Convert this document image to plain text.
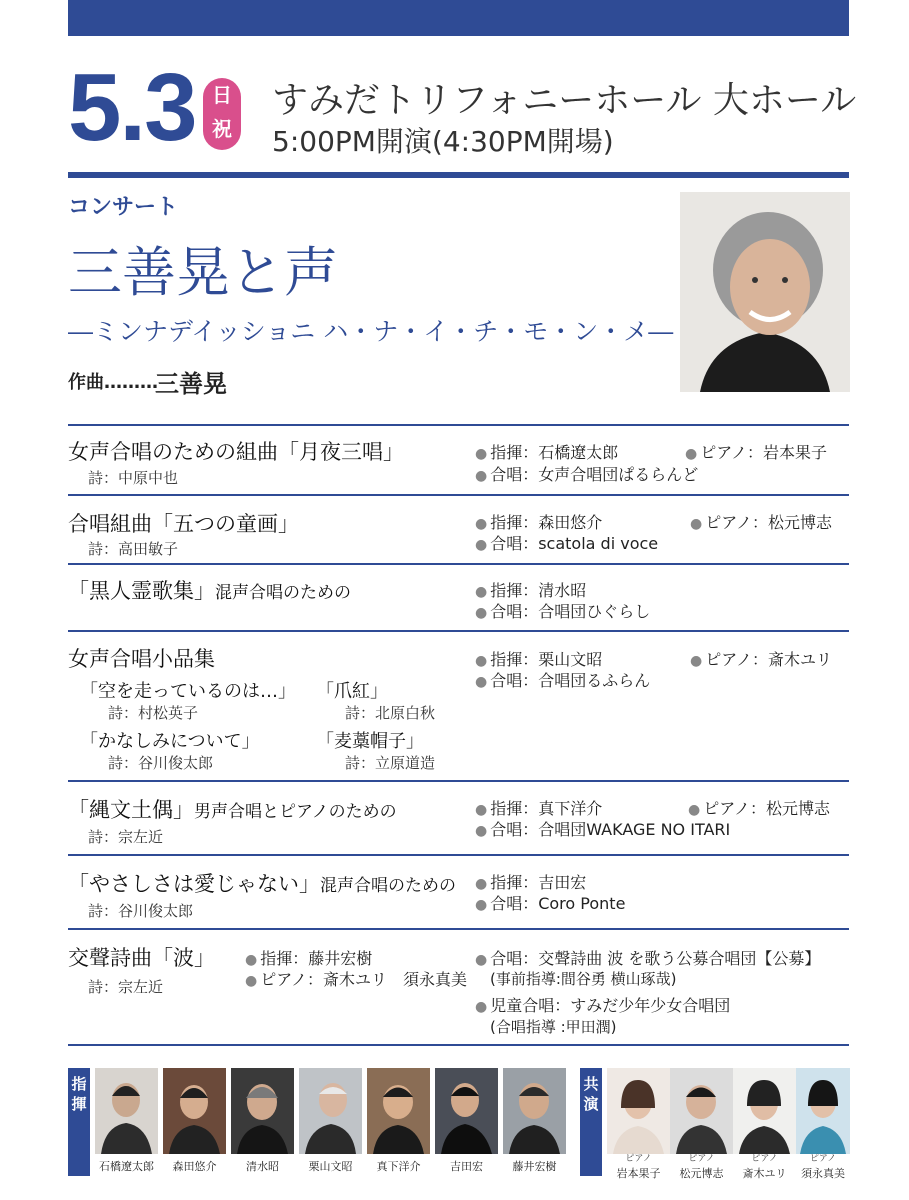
5.3 日
祝
すみだトリフォニーホール 大ホール
5:00PM開演(4:30PM開場)
コンサート
三善晃と声
―ミンナデイッショニ ハ・ナ・イ・チ・モ・ン・メ―
作曲………
三善晃
女声合唱のための組曲「月夜三唱」
詩：中原中也
● 指揮：石橋遼太郎	● ピアノ：岩本果子
● 合唱：女声合唱団ぱるらんど
合唱組曲「五つの童画」
詩：高田敏子
● 指揮：森田悠介	● ピアノ：松元博志
● 合唱：scatola di voce
「黒人霊歌集」混声合唱のための	● 指揮：清水昭
● 合唱：合唱団ひぐらし
女声合唱小品集
「空を走っているのは…」
詩：村松英子
「爪紅」
詩：北原白秋
「かなしみについて」
詩：谷川俊太郎
「麦藁帽子」
詩：立原道造
● 指揮：栗山文昭	● ピアノ：斎木ユリ
● 合唱：合唱団るふらん
「縄文土偶」男声合唱とピアノのための
詩：宗左近
● 指揮：真下洋介	● ピアノ：松元博志
● 合唱：合唱団WAKAGE NO ITARI
「やさしさは愛じゃない」混声合唱のための
詩：谷川俊太郎
● 指揮：吉田宏
● 合唱：Coro Ponte
交聲詩曲「波」
詩：宗左近
● 指揮：藤井宏樹
● ピアノ：斎木ユリ　須永真美
● 合唱：交聲詩曲 波 を歌う公募合唱団【公募】
(事前指導:間谷勇 横山琢哉)
● 児童合唱：すみだ少年少女合唱団
(合唱指導 :甲田潤)
指揮
石橋遼太郎	森田悠介	清水昭	栗山文昭	真下洋介	吉田宏	藤井宏樹
共演
ピアノ
岩本果子
ピアノ
松元博志
ピアノ
斎木ユリ
ピアノ
須永真美
